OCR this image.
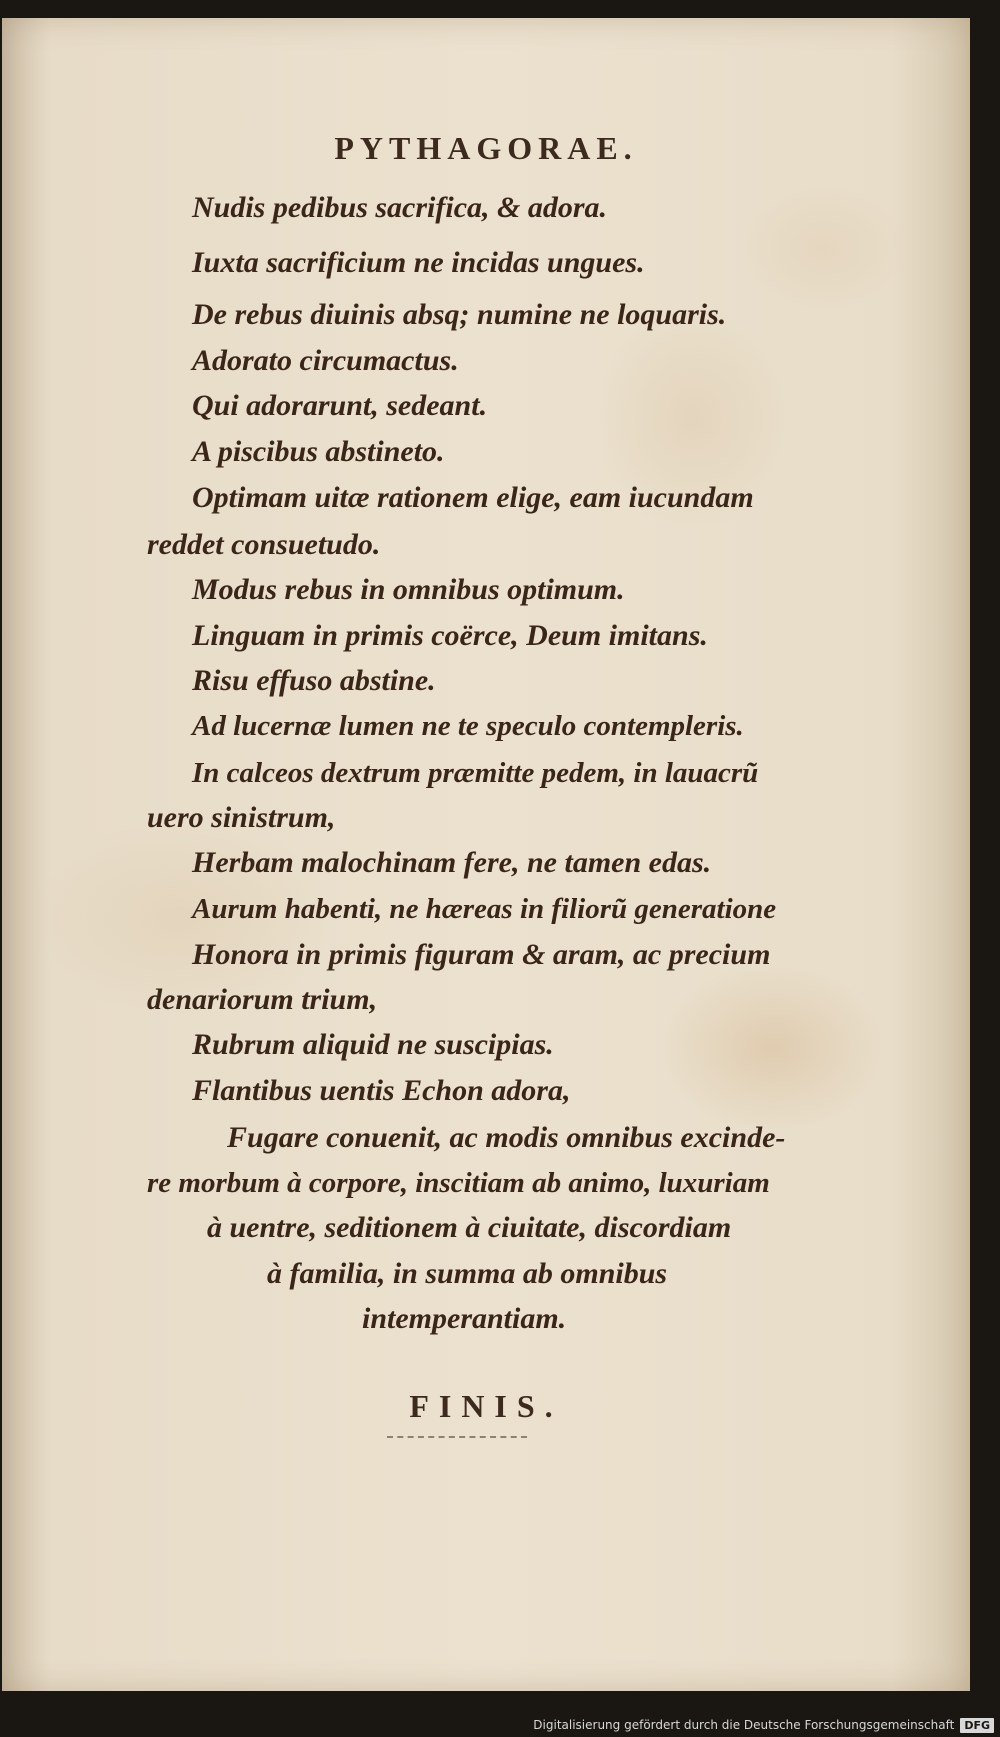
PYTHAGORAE.
Nudis pedibus sacrifica, & adora.
Iuxta sacrificium ne incidas ungues.
De rebus diuinis absq; numine ne loquaris.
Adorato circumactus.
Qui adorarunt, sedeant.
A piscibus abstineto.
Optimam uitæ rationem elige, eam iucundam
reddet consuetudo.
Modus rebus in omnibus optimum.
Linguam in primis coërce, Deum imitans.
Risu effuso abstine.
Ad lucernæ lumen ne te speculo contempleris.
In calceos dextrum præmitte pedem, in lauacrũ
uero sinistrum,
Herbam malochinam fere, ne tamen edas.
Aurum habenti, ne hæreas in filiorũ generatione
Honora in primis figuram & aram, ac precium
denariorum trium,
Rubrum aliquid ne suscipias.
Flantibus uentis Echon adora,
Fugare conuenit, ac modis omnibus excinde-
re morbum à corpore, inscitiam ab animo, luxuriam
à uentre, seditionem à ciuitate, discordiam
à familia, in summa ab omnibus
intemperantiam.
FINIS.
Digitalisierung gefördert durch die Deutsche Forschungsgemeinschaft DFG
